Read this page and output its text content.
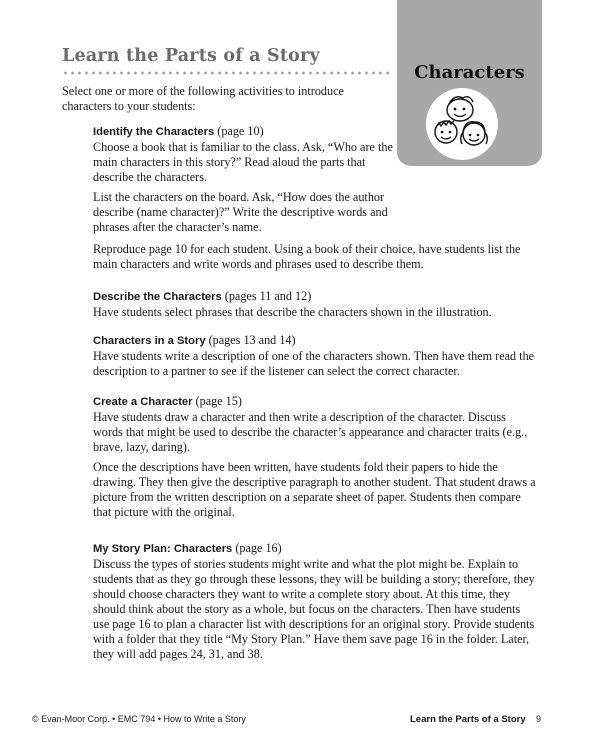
Learn the Parts of a Story

Characters

Select one or more of the following activities to introduce characters to your students:

Identify the Characters (page 10)
Choose a book that is familiar to the class. Ask, “Who are the main characters in this story?” Read aloud the parts that describe the characters.

List the characters on the board. Ask, “How does the author describe (name character)?” Write the descriptive words and phrases after the character’s name.

Reproduce page 10 for each student. Using a book of their choice, have students list the main characters and write words and phrases used to describe them.

Describe the Characters (pages 11 and 12)
Have students select phrases that describe the characters shown in the illustration.

Characters in a Story (pages 13 and 14)
Have students write a description of one of the characters shown. Then have them read the description to a partner to see if the listener can select the correct character.

Create a Character (page 15)
Have students draw a character and then write a description of the character. Discuss words that might be used to describe the character’s appearance and character traits (e.g., brave, lazy, daring).

Once the descriptions have been written, have students fold their papers to hide the drawing. They then give the descriptive paragraph to another student. That student draws a picture from the written description on a separate sheet of paper. Students then compare that picture with the original.

My Story Plan: Characters (page 16)
Discuss the types of stories students might write and what the plot might be. Explain to students that as they go through these lessons, they will be building a story; therefore, they should choose characters they want to write a complete story about. At this time, they should think about the story as a whole, but focus on the characters. Then have students use page 16 to plan a character list with descriptions for an original story. Provide students with a folder that they title “My Story Plan.” Have them save page 16 in the folder. Later, they will add pages 24, 31, and 38.

© Evan-Moor Corp. • EMC 794 • How to Write a Story	Learn the Parts of a Story 9
